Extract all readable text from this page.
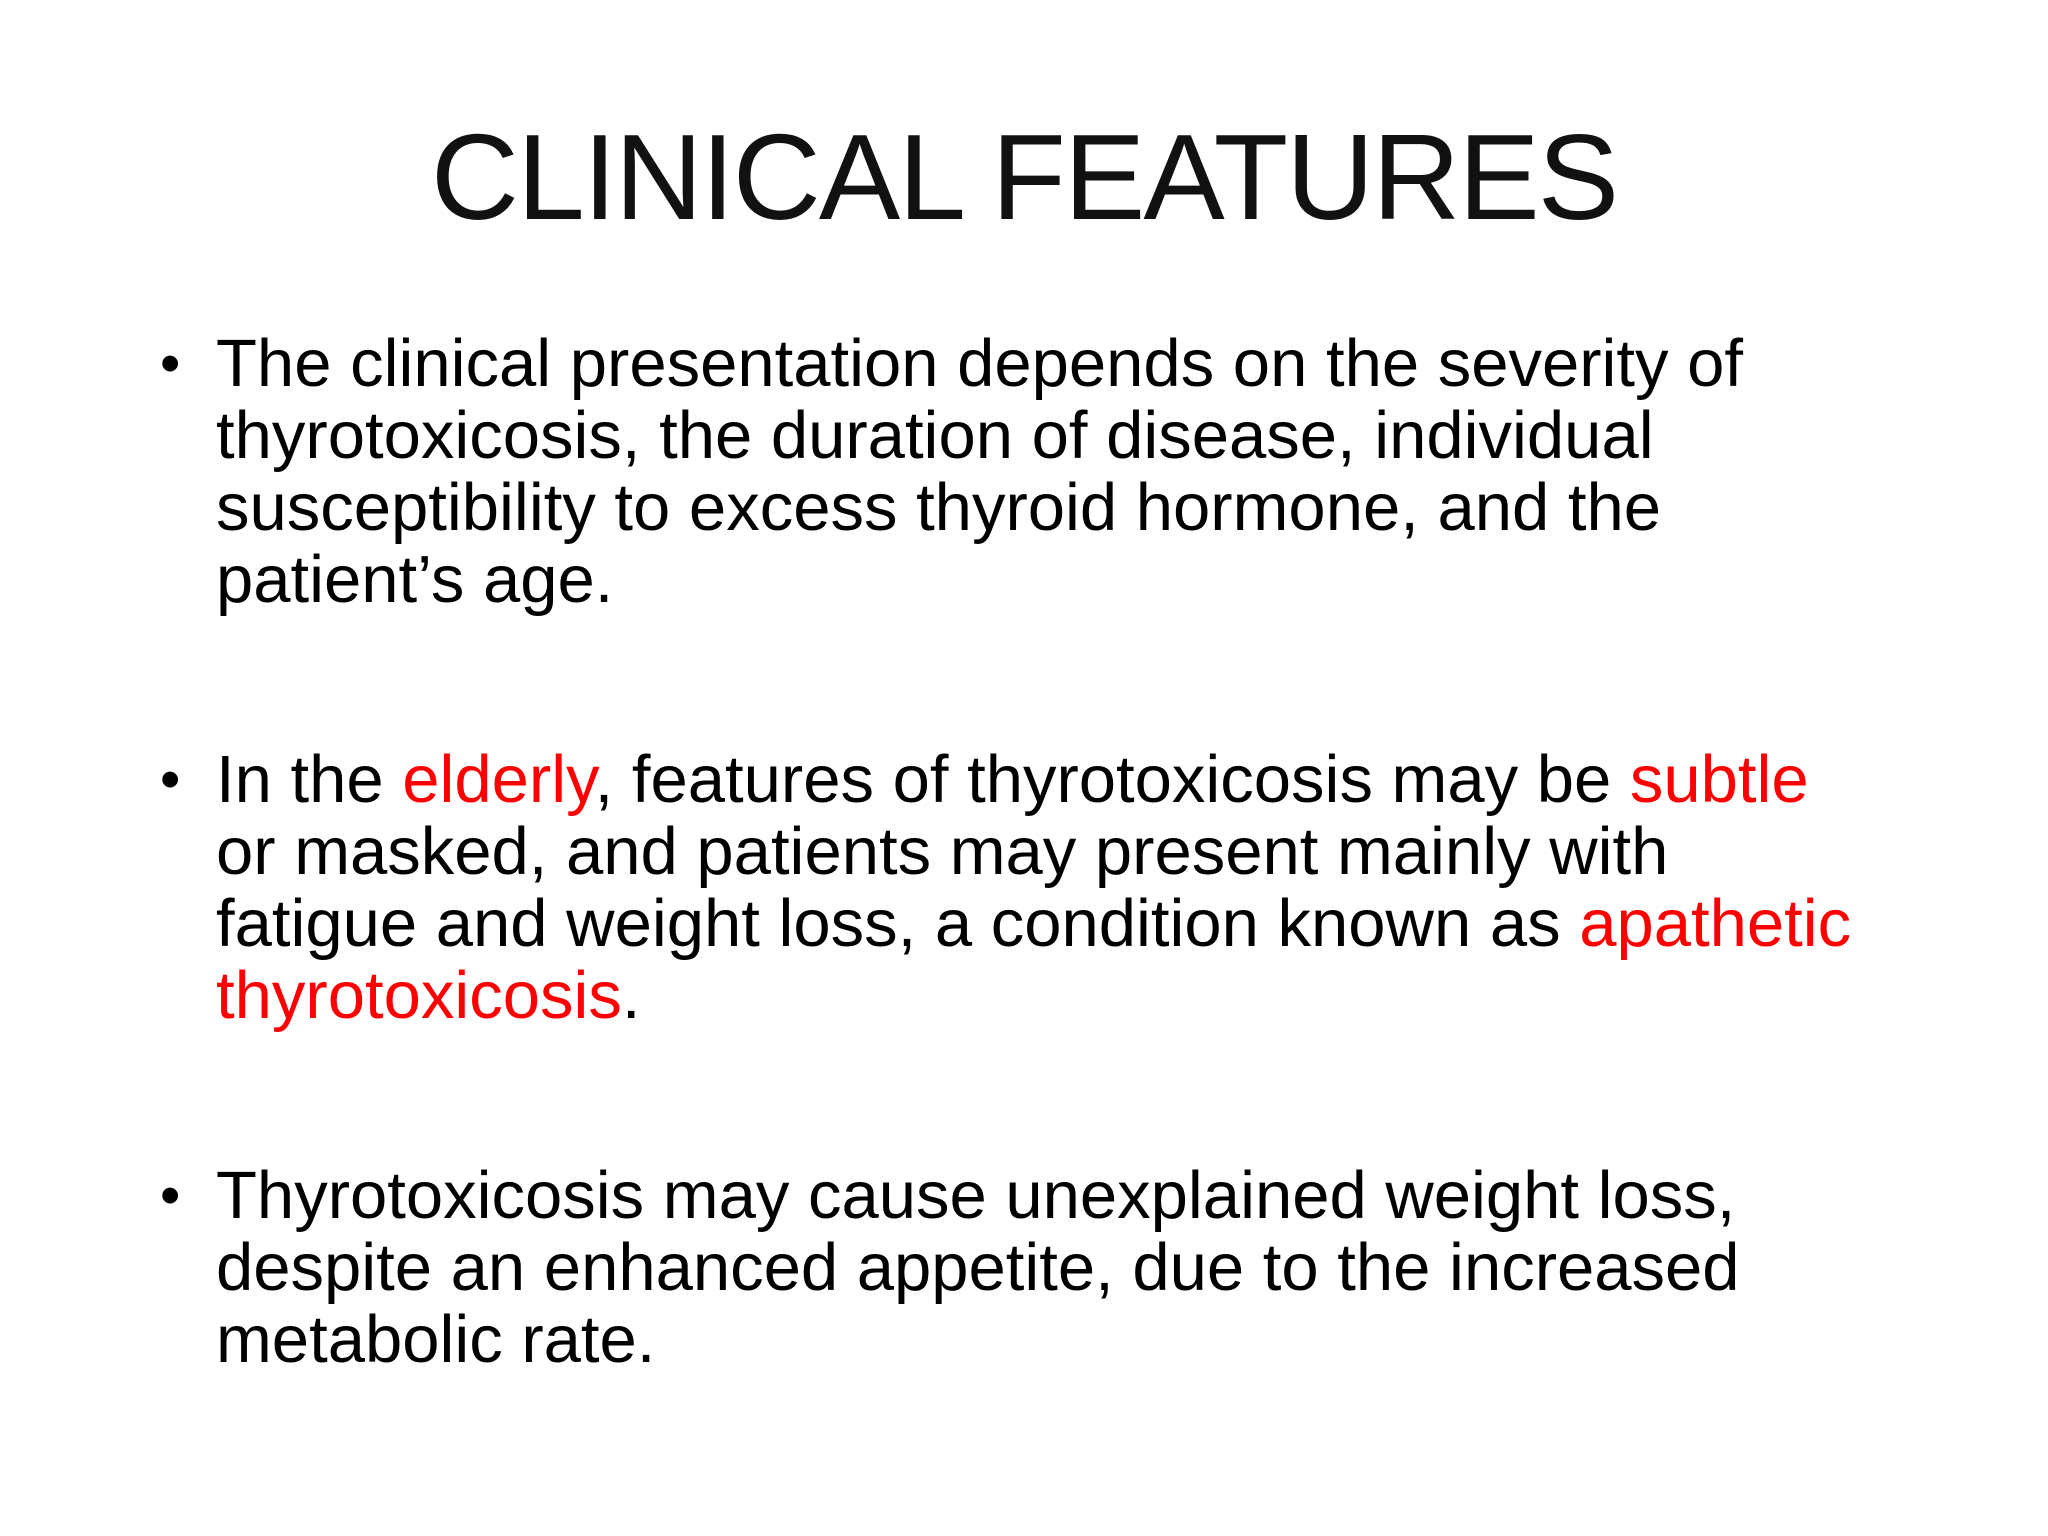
CLINICAL FEATURES
• The clinical presentation depends on the severity of thyrotoxicosis, the duration of disease, individual susceptibility to excess thyroid hormone, and the patient’s age.
• In the elderly, features of thyrotoxicosis may be subtle or masked, and patients may present mainly with fatigue and weight loss, a condition known as apathetic thyrotoxicosis.
• Thyrotoxicosis may cause unexplained weight loss, despite an enhanced appetite, due to the increased metabolic rate.
